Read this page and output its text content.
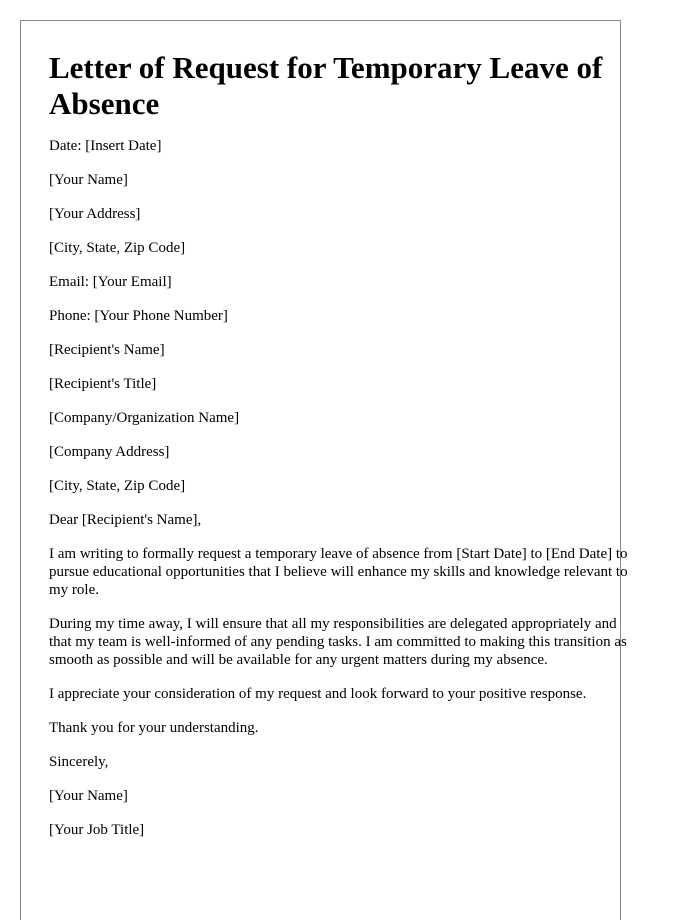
Letter of Request for Temporary Leave of Absence
Date: [Insert Date]
[Your Name]
[Your Address]
[City, State, Zip Code]
Email: [Your Email]
Phone: [Your Phone Number]
[Recipient's Name]
[Recipient's Title]
[Company/Organization Name]
[Company Address]
[City, State, Zip Code]
Dear [Recipient's Name],

I am writing to formally request a temporary leave of absence from [Start Date] to [End Date] to pursue educational opportunities that I believe will enhance my skills and knowledge relevant to my role.

During my time away, I will ensure that all my responsibilities are delegated appropriately and that my team is well-informed of any pending tasks. I am committed to making this transition as smooth as possible and will be available for any urgent matters during my absence.

I appreciate your consideration of my request and look forward to your positive response.

Thank you for your understanding.

Sincerely,
[Your Name]
[Your Job Title]
